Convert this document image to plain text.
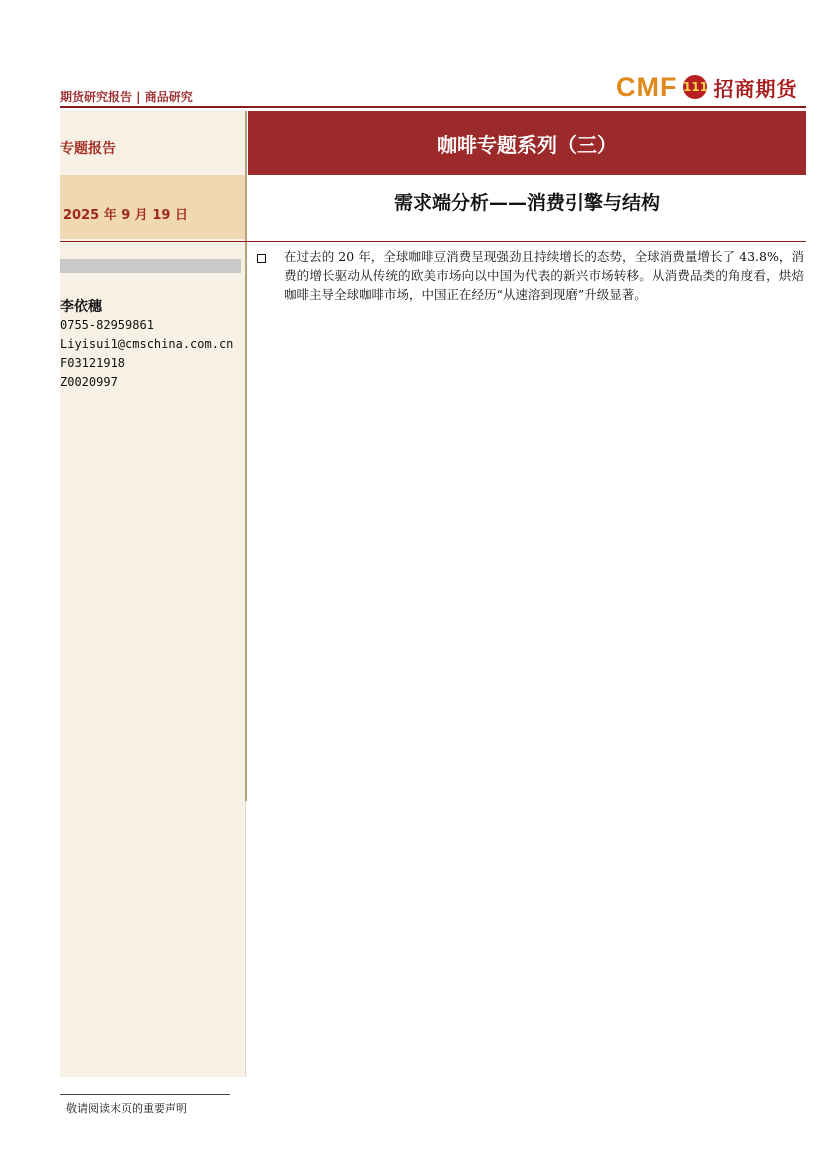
期货研究报告 | 商品研究	CMF 111 招商期货
专题报告
2025 年 9 月 19 日
李依穗
0755-82959861
Liyisui1@cmschina.com.cn
F03121918
Z0020997
咖啡专题系列（三）
需求端分析——消费引擎与结构
在过去的 20 年，全球咖啡豆消费呈现强劲且持续增长的态势，全球消费量增长了 43.8%，消费的增长驱动从传统的欧美市场向以中国为代表的新兴市场转移。从消费品类的角度看，烘焙咖啡主导全球咖啡市场，中国正在经历“从速溶到现磨”升级显著。
敬请阅读末页的重要声明
